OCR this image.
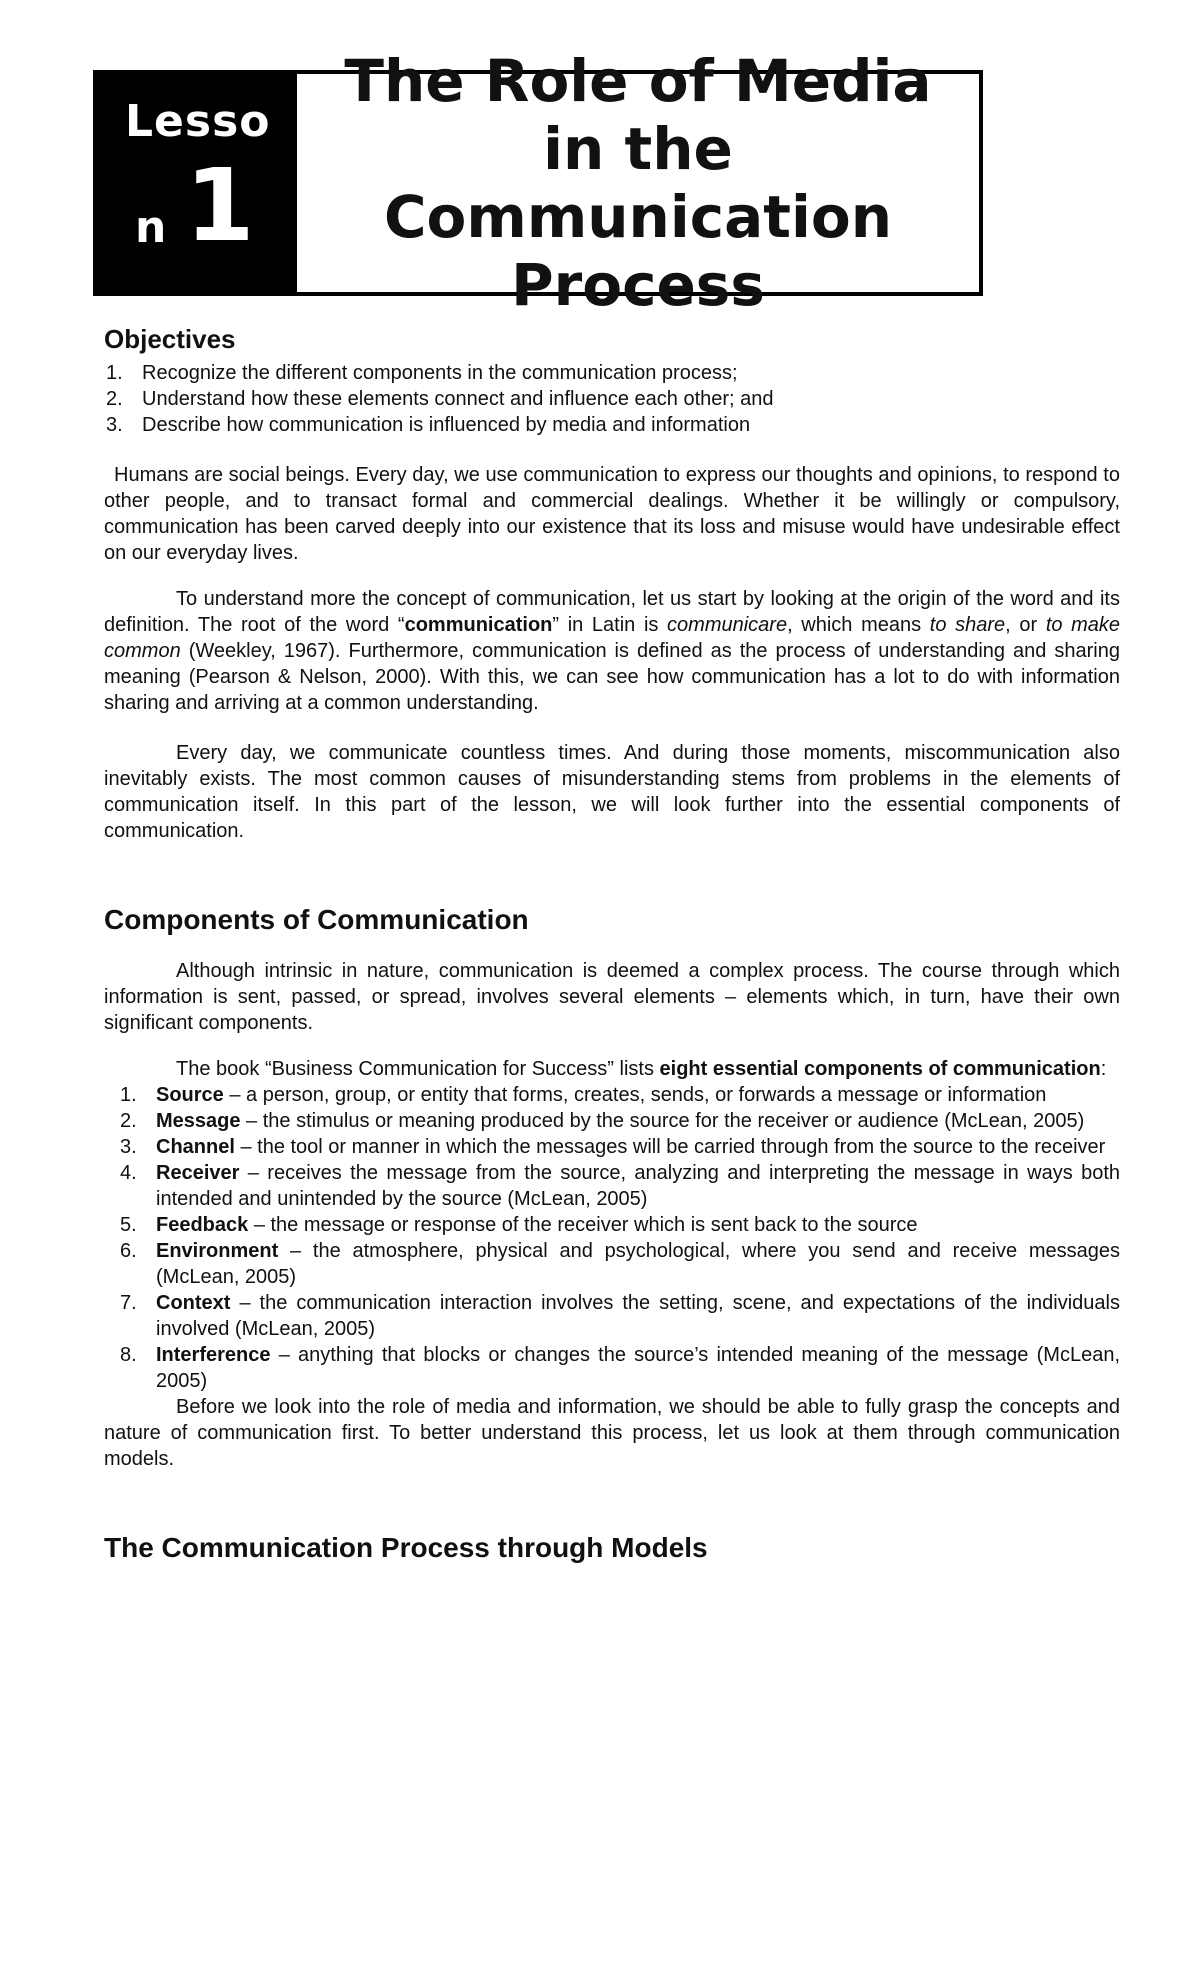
Lesso
n 1
The Role of Media in the Communication Process
Objectives
1. Recognize the different components in the communication process;
2. Understand how these elements connect and influence each other; and
3. Describe how communication is influenced by media and information

Humans are social beings. Every day, we use communication to express our thoughts and opinions, to respond to other people, and to transact formal and commercial dealings. Whether it be willingly or compulsory, communication has been carved deeply into our existence that its loss and misuse would have undesirable effect on our everyday lives.

To understand more the concept of communication, let us start by looking at the origin of the word and its definition. The root of the word “communication” in Latin is communicare, which means to share, or to make common (Weekley, 1967). Furthermore, communication is defined as the process of understanding and sharing meaning (Pearson & Nelson, 2000). With this, we can see how communication has a lot to do with information sharing and arriving at a common understanding.

Every day, we communicate countless times. And during those moments, miscommunication also inevitably exists. The most common causes of misunderstanding stems from problems in the elements of communication itself. In this part of the lesson, we will look further into the essential components of communication.

Components of Communication

Although intrinsic in nature, communication is deemed a complex process. The course through which information is sent, passed, or spread, involves several elements – elements which, in turn, have their own significant components.

The book “Business Communication for Success” lists eight essential components of communication:

1. Source – a person, group, or entity that forms, creates, sends, or forwards a message or information
2. Message – the stimulus or meaning produced by the source for the receiver or audience (McLean, 2005)
3. Channel – the tool or manner in which the messages will be carried through from the source to the receiver
4. Receiver – receives the message from the source, analyzing and interpreting the message in ways both intended and unintended by the source (McLean, 2005)
5. Feedback – the message or response of the receiver which is sent back to the source
6. Environment – the atmosphere, physical and psychological, where you send and receive messages (McLean, 2005)
7. Context – the communication interaction involves the setting, scene, and expectations of the individuals involved (McLean, 2005)
8. Interference – anything that blocks or changes the source’s intended meaning of the message (McLean, 2005)

Before we look into the role of media and information, we should be able to fully grasp the concepts and nature of communication first. To better understand this process, let us look at them through communication models.

The Communication Process through Models
